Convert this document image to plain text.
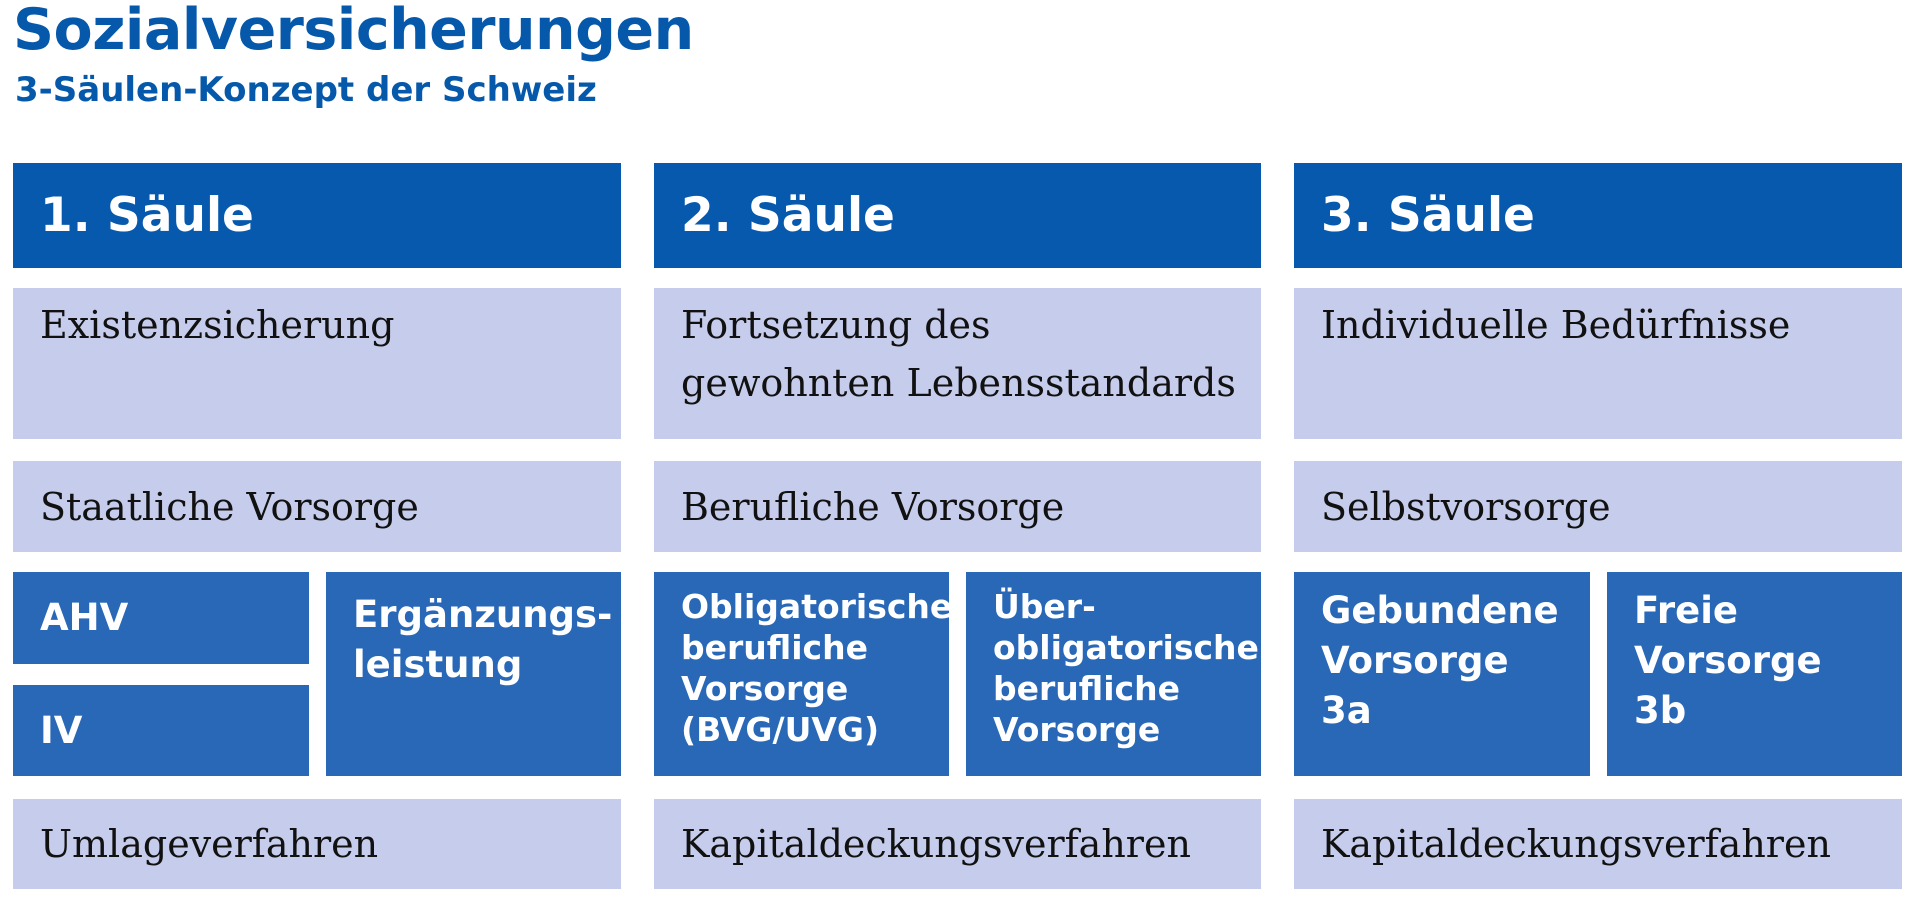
Sozialversicherungen
3-Säulen-Konzept der Schweiz
1. Säule
Existenzsicherung
Staatliche Vorsorge
AHV
IV
Ergänzungs-
leistung
Umlageverfahren
2. Säule
Fortsetzung des
gewohnten Lebensstandards
Berufliche Vorsorge
Obligatorische
berufliche
Vorsorge
(BVG/UVG)
Über-
obligatorische
berufliche
Vorsorge
Kapitaldeckungsverfahren
3. Säule
Individuelle Bedürfnisse
Selbstvorsorge
Gebundene
Vorsorge
3a
Freie
Vorsorge
3b
Kapitaldeckungsverfahren
